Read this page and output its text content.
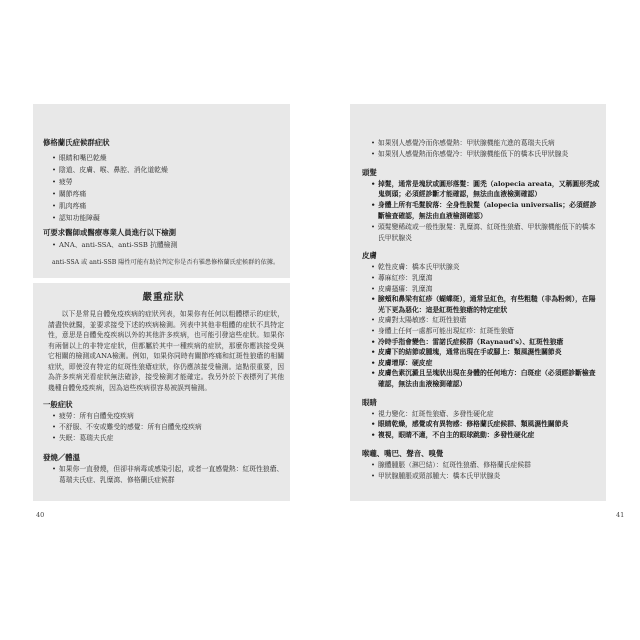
修格蘭氏症候群症狀

• 眼睛和嘴巴乾燥
• 陰道、皮膚、喉、鼻腔、消化道乾燥
• 疲勞
• 關節疼痛
• 肌肉疼痛
• 認知功能障礙

可要求醫師或醫療專業人員進行以下檢測

• ANA、anti-SSA、anti-SSB 抗體檢測

anti-SSA 或 anti-SSB 陽性可能有助於判定你是否有罹患修格蘭氏症候群的依據。

嚴重症狀

以下是常見自體免疫疾病的症狀列表，如果你有任何以粗體標示的症狀，請盡快就醫，並要求接受下述的疾病檢測。列表中其他非粗體的症狀不具特定性，意思是自體免疫疾病以外的其他許多疾病，也可能引發這些症狀。如果你有兩個以上的非特定症狀，但都屬於其中一種疾病的症狀，那麼你應該接受與它相關的檢測或ANA檢測。例如，如果你同時有關節疼痛和紅斑性狼瘡的相關症狀，即使沒有特定的紅斑性狼瘡症狀，你仍應該接受檢測。這點很重要，因為許多疾病光看症狀無法確診，接受檢測才能確定。我另外於下表標列了其他幾種自體免疫疾病，因為這些疾病很容易被誤判檢測。

一般症狀

• 疲勞：所有自體免疫疾病
• 不舒服、不安或難受的感覺：所有自體免疫疾病
• 失眠：葛瑞夫氏症

發燒／體溫

• 如果你一直發燒，但卻非病毒或感染引起，或者一直感覺熱：紅斑性狼瘡、葛瑞夫氏症、乳糜瀉、修格蘭氏症候群
40
• 如果別人感覺冷而你感覺熱：甲狀腺機能亢進的葛瑞夫氏病
• 如果別人感覺熱而你感覺冷：甲狀腺機能低下的橋本氏甲狀腺炎

頭髮

• 掉髮，通常是塊狀或圓形落髮：圓禿（alopecia areata，又稱圓形禿或鬼剃頭；必須經診斷才能確認，無法由血液檢測確認）
• 身體上所有毛髮脫落：全身性脫髮（alopecia universalis；必須經診斷檢查確認，無法由血液檢測確認）
• 頭髮變稀疏或一般性脫髮：乳糜瀉、紅斑性狼瘡、甲狀腺機能低下的橋本氏甲狀腺炎

皮膚

• 乾性皮膚：橋本氏甲狀腺炎
• 蕁麻紅疹：乳糜瀉
• 皮膚搔癢：乳糜瀉
• 臉頰和鼻梁有紅疹（蝴蝶斑），通常呈紅色，有些粗糙（非為粉刺），在陽光下更為惡化：這是紅斑性狼瘡的特定症狀
• 皮膚對太陽敏感：紅斑性狼瘡
• 身體上任何一處都可能出現紅疹：紅斑性狼瘡
• 冷時手指會變色：雷諾氏症候群（Raynaud's）、紅斑性狼瘡
• 皮膚下的結節或腫塊，通常出現在手或腳上：類風濕性關節炎
• 皮膚增厚：硬皮症
• 皮膚色素沉澱且呈塊狀出現在身體的任何地方：白斑症（必須經診斷檢查確認，無法由血液檢測確認）

眼睛

• 視力變化：紅斑性狼瘡、多發性硬化症
• 眼睛乾燥，感覺或有異物感：修格蘭氏症候群、類風濕性關節炎
• 複視，眼睛不適，不自主的眼球跳動：多發性硬化症

喉嚨、嘴巴、聲音、嗅覺

• 腺體腫脹（淋巴結）：紅斑性狼瘡、修格蘭氏症候群
• 甲狀腺腫脹或頸部腫大：橋本氏甲狀腺炎
41
